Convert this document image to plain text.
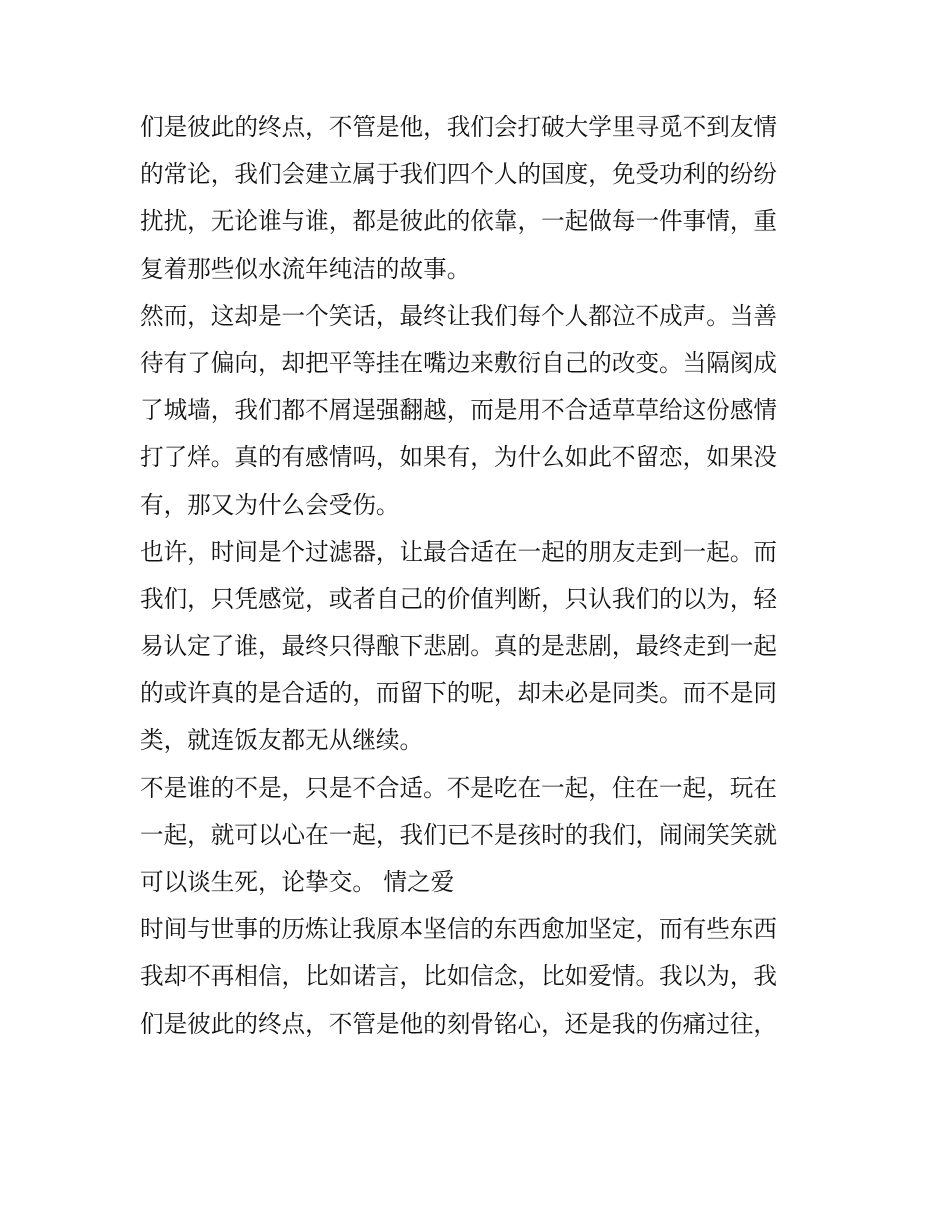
们是彼此的终点，不管是他，我们会打破大学里寻觅不到友情
的常论，我们会建立属于我们四个人的国度，免受功利的纷纷
扰扰，无论谁与谁，都是彼此的依靠，一起做每一件事情，重
复着那些似水流年纯洁的故事。
然而，这却是一个笑话，最终让我们每个人都泣不成声。当善
待有了偏向，却把平等挂在嘴边来敷衍自己的改变。当隔阂成
了城墙，我们都不屑逞强翻越，而是用不合适草草给这份感情
打了烊。真的有感情吗，如果有，为什么如此不留恋，如果没
有，那又为什么会受伤。
也许，时间是个过滤器，让最合适在一起的朋友走到一起。而
我们，只凭感觉，或者自己的价值判断，只认我们的以为，轻
易认定了谁，最终只得酿下悲剧。真的是悲剧，最终走到一起
的或许真的是合适的，而留下的呢，却未必是同类。而不是同
类，就连饭友都无从继续。
不是谁的不是，只是不合适。不是吃在一起，住在一起，玩在
一起，就可以心在一起，我们已不是孩时的我们，闹闹笑笑就
可以谈生死，论挚交。 情之爱
时间与世事的历炼让我原本坚信的东西愈加坚定，而有些东西
我却不再相信，比如诺言，比如信念，比如爱情。我以为，我
们是彼此的终点，不管是他的刻骨铭心，还是我的伤痛过往，
